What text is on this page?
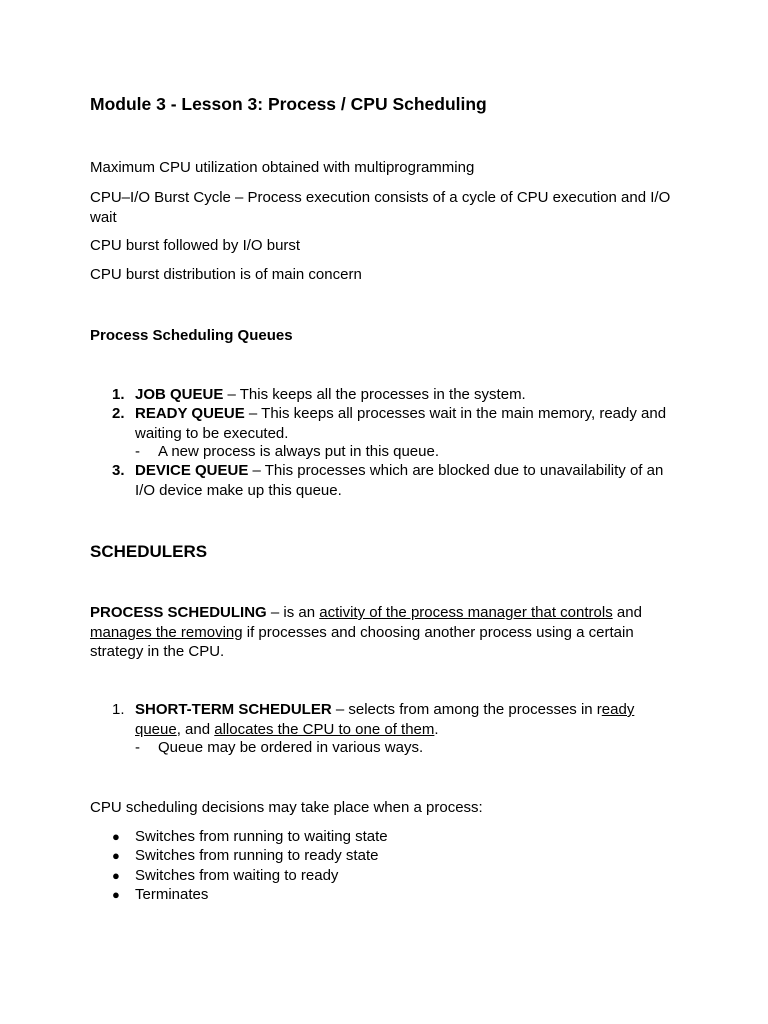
Module 3 - Lesson 3: Process / CPU Scheduling
Maximum CPU utilization obtained with multiprogramming
CPU–I/O Burst Cycle – Process execution consists of a cycle of CPU execution and I/O wait
CPU burst followed by I/O burst
CPU burst distribution is of main concern
Process Scheduling Queues
1. JOB QUEUE – This keeps all the processes in the system.
2. READY QUEUE – This keeps all processes wait in the main memory, ready and waiting to be executed.
- A new process is always put in this queue.
3. DEVICE QUEUE – This processes which are blocked due to unavailability of an I/O device make up this queue.
SCHEDULERS
PROCESS SCHEDULING – is an activity of the process manager that controls and manages the removing if processes and choosing another process using a certain strategy in the CPU.
1. SHORT-TERM SCHEDULER – selects from among the processes in ready queue, and allocates the CPU to one of them.
- Queue may be ordered in various ways.
CPU scheduling decisions may take place when a process:
● Switches from running to waiting state
● Switches from running to ready state
● Switches from waiting to ready
● Terminates
